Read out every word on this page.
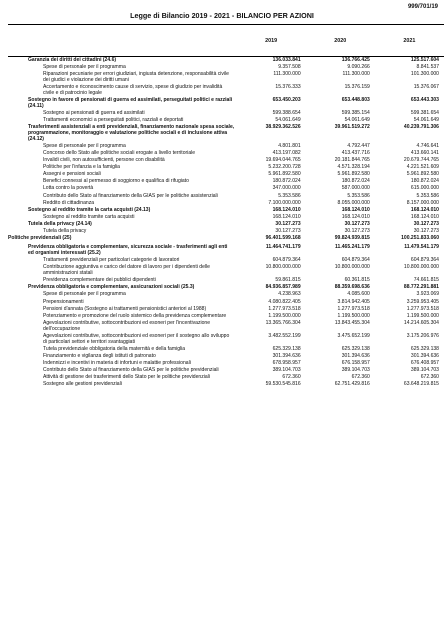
999/701/19
Legge di Bilancio 2019 - 2021 - BILANCIO PER AZIONI
	2019	2020	2021
Garanzia dei diritti dei cittadini (24.6)	136.033.841	136.766.425	125.517.604
Spese di personale per il programma	9.357.508	9.090.266	8.841.537
Riparazioni pecuniarie per errori giudiziari, ingiusta detenzione, responsabilità civile dei giudici e violazione dei diritti umani	111.300.000	111.300.000	101.300.000
Accertamento e riconoscimento cause di servizio, spese di giudizio per invalidità civile e di patrocinio legale	15.376.333	15.376.159	15.376.067
Sostegno in favore di pensionati di guerra ed assimilati, perseguitati politici e razziali (24.11)	653.450.203	653.448.803	653.443.303
Sostegno ai pensionati di guerra ed assimilati	599.388.654	599.385.154	599.381.654
Trattamenti economici a perseguitati politici, razziali e deportati	54.061.649	54.061.649	54.061.649
Trasferimenti assistenziali a enti previdenziali, finanziamento nazionale spesa sociale, programmazione, monitoraggio e valutazione politiche sociali e di inclusione attiva (24.12)	38.929.362.526	39.961.519.272	40.239.791.306
Spese di personale per il programma	4.801.801	4.792.447	4.746.641
Concorso dello Stato alle politiche sociali erogate a livello territoriale	413.197.082	413.437.716	413.660.141
Invalidi civili, non autosufficienti, persone con disabilità	19.694.044.765	20.181.844.765	20.679.744.765
Politiche per l'infanzia e la famiglia	5.232.200.728	4.571.328.194	4.221.521.609
Assegni e pensioni sociali	5.961.892.580	5.961.892.580	5.961.892.580
Benefici connessi al permesso di soggiorno e qualifica di rifugiato	180.872.024	180.872.024	180.872.024
Lotta contro la povertà	347.000.000	587.000.000	615.000.000
Contributo dello Stato al finanziamento della GIAS per le politiche assistenziali	5.353.586	5.353.586	5.353.586
Reddito di cittadinanza	7.100.000.000	8.055.000.000	8.157.000.000
Sostegno al reddito tramite la carta acquisti (24.13)	168.124.010	168.124.010	168.124.010
Sostegno al reddito tramite carta acquisti	168.124.010	168.124.010	168.124.010
Tutela della privacy (24.14)	30.127.273	30.127.273	30.127.273
Tutela della privacy	30.127.273	30.127.273	30.127.273
Politiche previdenziali (25)	96.401.599.168	99.824.939.815	100.251.833.060
Previdenza obbligatoria e complementare, sicurezza sociale - trasferimenti agli enti ed organismi interessati (25.2)	11.464.741.179	11.465.241.179	11.479.541.179
Trattamenti previdenziali per particolari categorie di lavoratori	604.879.364	604.879.364	604.879.364
Contribuzione aggiuntiva e carico del datore di lavoro per i dipendenti delle amministrazioni statali	10.800.000.000	10.800.000.000	10.800.000.000
Previdenza complementare dei pubblici dipendenti	59.861.815	60.361.815	74.661.815
Previdenza obbligatoria e complementare, assicurazioni sociali (25.3)	84.936.857.989	88.359.698.636	88.772.291.881
Spese di personale per il programma	4.238.963	4.085.600	3.923.069
Prepensionamenti	4.080.822.405	3.814.942.405	3.259.953.405
Pensioni d'annata (Sostegno ai trattamenti pensionistici anteriori al 1988)	1.277.973.518	1.277.973.518	1.277.973.518
Potenziamento e promozione del ruolo sistemico della previdenza complementare	1.199.500.000	1.199.500.000	1.199.500.000
Agevolazioni contributive, sottocontribuzioni ed esoneri per l'incentivazione dell'occupazione	13.365.766.304	13.843.455.304	14.214.605.304
Agevolazioni contributive, sottocontribuzioni ed esoneri per il sostegno allo sviluppo di particolari settori e territori svantaggiati	3.482.552.199	3.475.652.199	3.175.206.976
Tutela previdenziale obbligatoria della maternità e della famiglia	625.329.138	625.329.138	625.329.138
Finanziamento e vigilanza degli istituti di patronato	301.394.636	301.394.636	301.394.636
Indennizzi e incentivi in materia di infortuni e malattie professionali	678.958.957	676.158.957	676.408.957
Contributo dello Stato al finanziamento della GIAS per le politiche previdenziali	389.104.703	389.104.703	389.104.703
Attività di gestione dei trasferimenti dello Stato per le politiche previdenziali	672.360	672.360	672.360
Sostegno alle gestioni previdenziali	59.530.545.816	62.751.429.816	63.648.219.815
